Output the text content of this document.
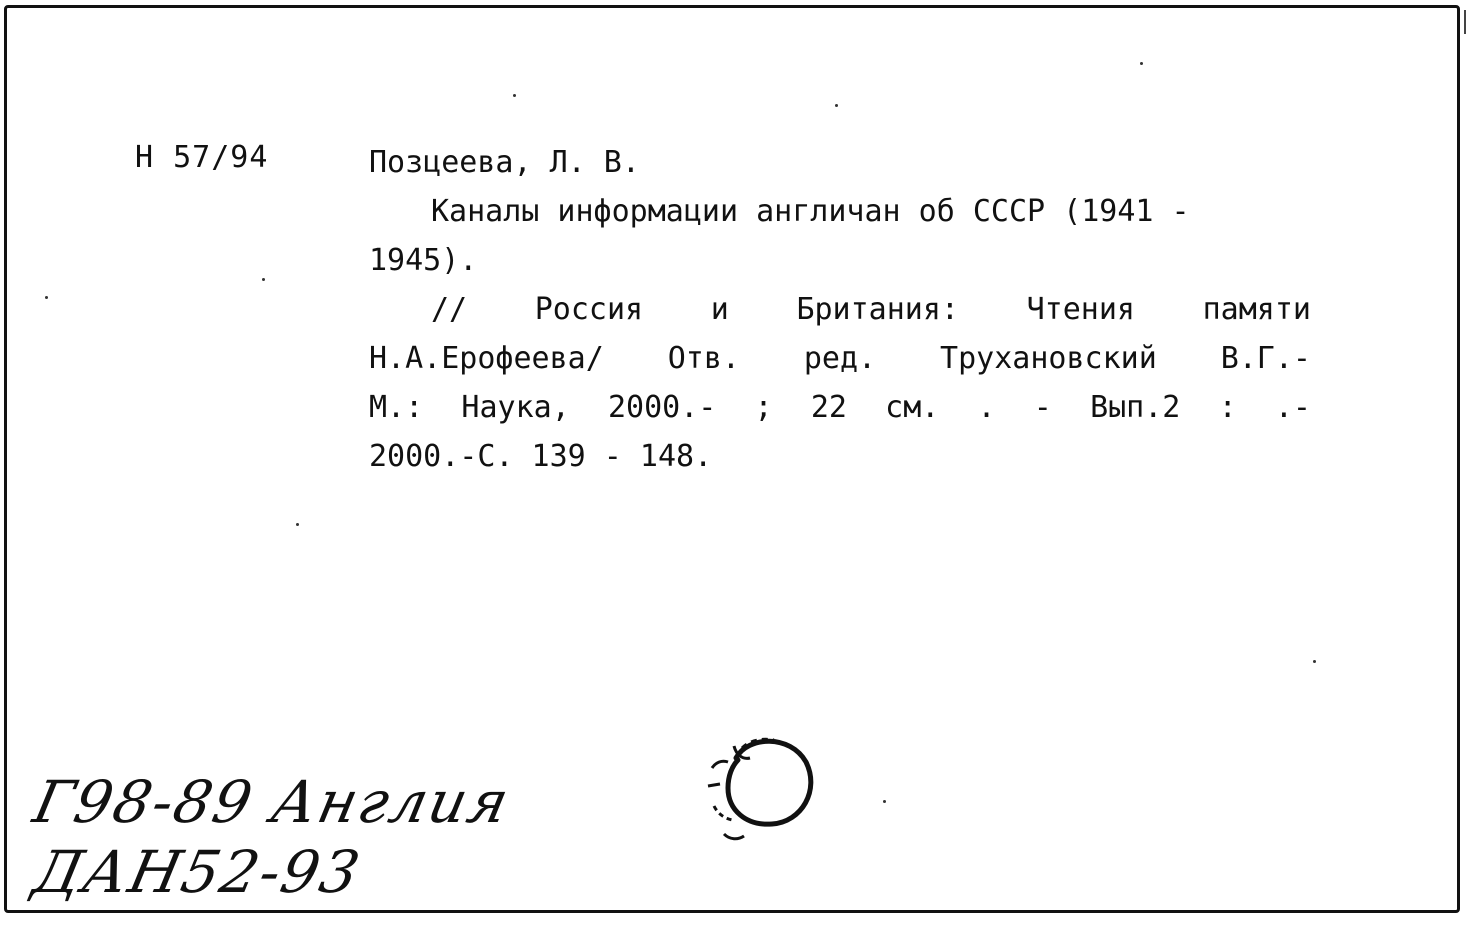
Н 57/94	Позцеева, Л. В.
Каналы информации англичан об СССР (1941 -
1945).
// Россия и Британия: Чтения памяти
Н.А.Ерофеева/ Отв. ред. Трухановский В.Г.-
М.: Наука, 2000.- ; 22 см. . - Вып.2 : .-
2000.-С. 139 - 148.
Г98-89 Англия
ДАН52-93
